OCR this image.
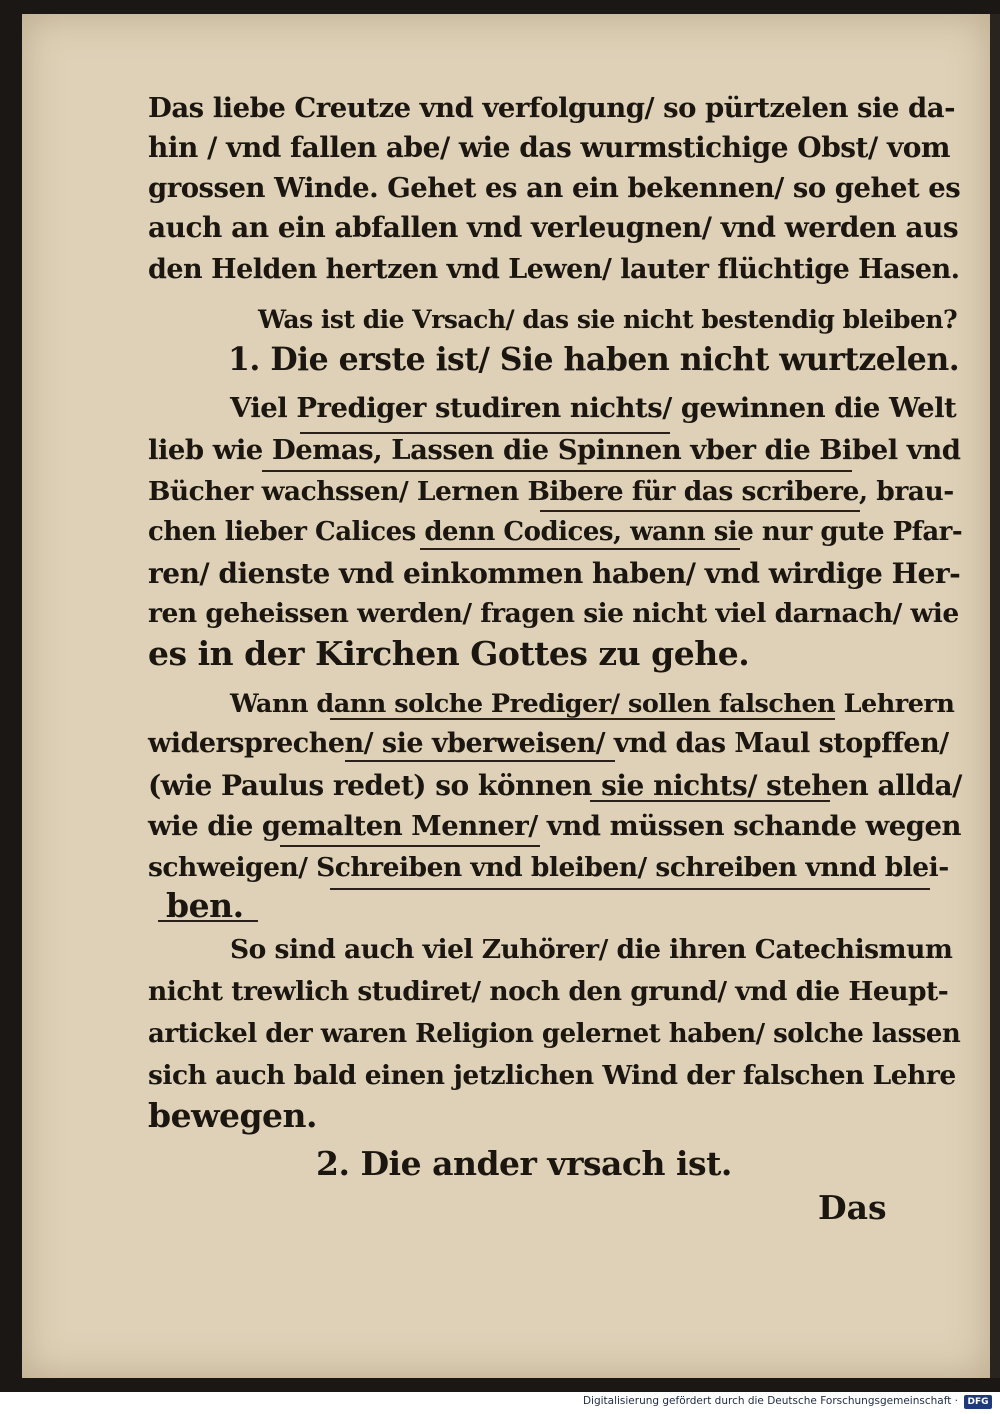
Das liebe Creutze vnd verfolgung/ so pürtzelen sie da-
hin / vnd fallen abe/ wie das wurmstichige Obst/ vom
grossen Winde. Gehet es an ein bekennen/ so gehet es
auch an ein abfallen vnd verleugnen/ vnd werden aus
den Helden hertzen vnd Lewen/ lauter flüchtige Hasen.
Was ist die Vrsach/ das sie nicht bestendig bleiben?
1. Die erste ist/ Sie haben nicht wurtzelen.
Viel Prediger studiren nichts/ gewinnen die Welt
lieb wie Demas, Lassen die Spinnen vber die Bibel vnd
Bücher wachssen/ Lernen Bibere für das scribere, brau-
chen lieber Calices denn Codices, wann sie nur gute Pfar-
ren/ dienste vnd einkommen haben/ vnd wirdige Her-
ren geheissen werden/ fragen sie nicht viel darnach/ wie
es in der Kirchen Gottes zu gehe.
Wann dann solche Prediger/ sollen falschen Lehrern
widersprechen/ sie vberweisen/ vnd das Maul stopffen/
(wie Paulus redet) so können sie nichts/ stehen allda/
wie die gemalten Menner/ vnd müssen schande wegen
schweigen/ Schreiben vnd bleiben/ schreiben vnnd blei-
ben.
So sind auch viel Zuhörer/ die ihren Catechismum
nicht trewlich studiret/ noch den grund/ vnd die Heupt-
artickel der waren Religion gelernet haben/ solche lassen
sich auch bald einen jetzlichen Wind der falschen Lehre
bewegen.
2. Die ander vrsach ist.
Das
Digitalisierung gefördert durch die Deutsche Forschungsgemeinschaft ·	DFG
